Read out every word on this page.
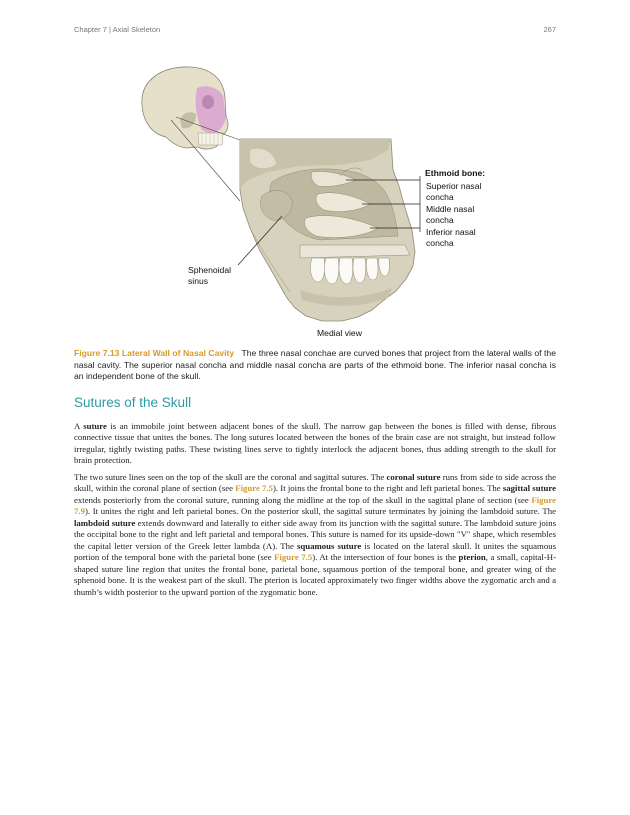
Chapter 7 | Axial Skeleton	267
Ethmoid bone:
Superior nasal
concha
Middle nasal
concha
Inferior nasal
concha
Sphenoidal
sinus
Medial view
Figure 7.13 Lateral Wall of Nasal Cavity The three nasal conchae are curved bones that project from the lateral walls of the nasal cavity. The superior nasal concha and middle nasal concha are parts of the ethmoid bone. The inferior nasal concha is an independent bone of the skull.
Sutures of the Skull

A suture is an immobile joint between adjacent bones of the skull. The narrow gap between the bones is filled with dense, fibrous connective tissue that unites the bones. The long sutures located between the bones of the brain case are not straight, but instead follow irregular, tightly twisting paths. These twisting lines serve to tightly interlock the adjacent bones, thus adding strength to the skull for brain protection.

The two suture lines seen on the top of the skull are the coronal and sagittal sutures. The coronal suture runs from side to side across the skull, within the coronal plane of section (see Figure 7.5). It joins the frontal bone to the right and left parietal bones. The sagittal suture extends posteriorly from the coronal suture, running along the midline at the top of the skull in the sagittal plane of section (see Figure 7.9). It unites the right and left parietal bones. On the posterior skull, the sagittal suture terminates by joining the lambdoid suture. The lambdoid suture extends downward and laterally to either side away from its junction with the sagittal suture. The lambdoid suture joins the occipital bone to the right and left parietal and temporal bones. This suture is named for its upside-down "V" shape, which resembles the capital letter version of the Greek letter lambda (Λ). The squamous suture is located on the lateral skull. It unites the squamous portion of the temporal bone with the parietal bone (see Figure 7.5). At the intersection of four bones is the pterion, a small, capital-H-shaped suture line region that unites the frontal bone, parietal bone, squamous portion of the temporal bone, and greater wing of the sphenoid bone. It is the weakest part of the skull. The pterion is located approximately two finger widths above the zygomatic arch and a thumb’s width posterior to the upward portion of the zygomatic bone.
